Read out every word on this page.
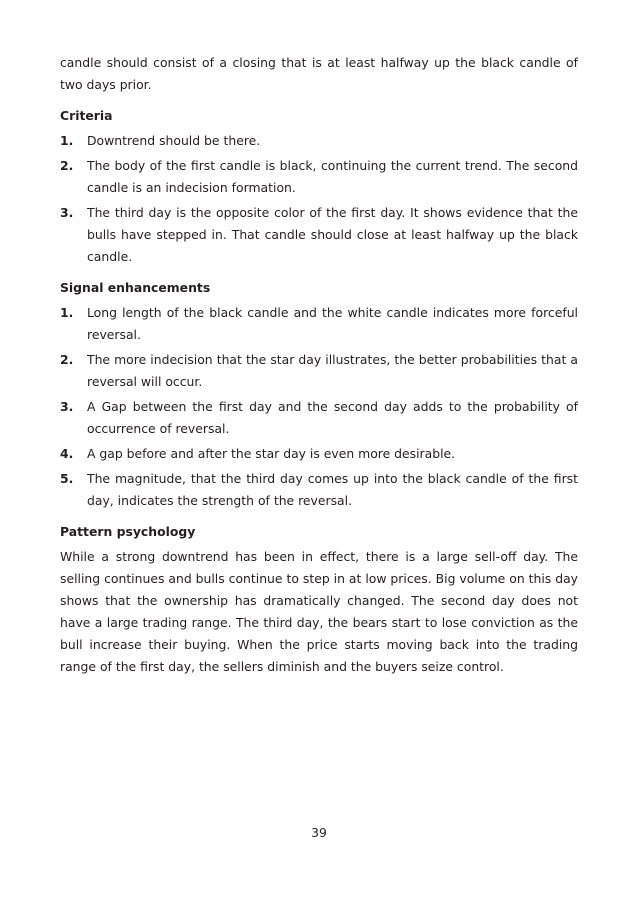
candle should consist of a closing that is at least halfway up the black candle of two days prior.

Criteria

1. Downtrend should be there.
2. The body of the first candle is black, continuing the current trend. The second candle is an indecision formation.
3. The third day is the opposite color of the first day. It shows evidence that the bulls have stepped in. That candle should close at least halfway up the black candle.

Signal enhancements

1. Long length of the black candle and the white candle indicates more forceful reversal.
2. The more indecision that the star day illustrates, the better probabilities that a reversal will occur.
3. A Gap between the first day and the second day adds to the probability of occurrence of reversal.
4. A gap before and after the star day is even more desirable.
5. The magnitude, that the third day comes up into the black candle of the first day, indicates the strength of the reversal.

Pattern psychology

While a strong downtrend has been in effect, there is a large sell-off day. The selling continues and bulls continue to step in at low prices. Big volume on this day shows that the ownership has dramatically changed. The second day does not have a large trading range. The third day, the bears start to lose conviction as the bull increase their buying. When the price starts moving back into the trading range of the first day, the sellers diminish and the buyers seize control.

39
